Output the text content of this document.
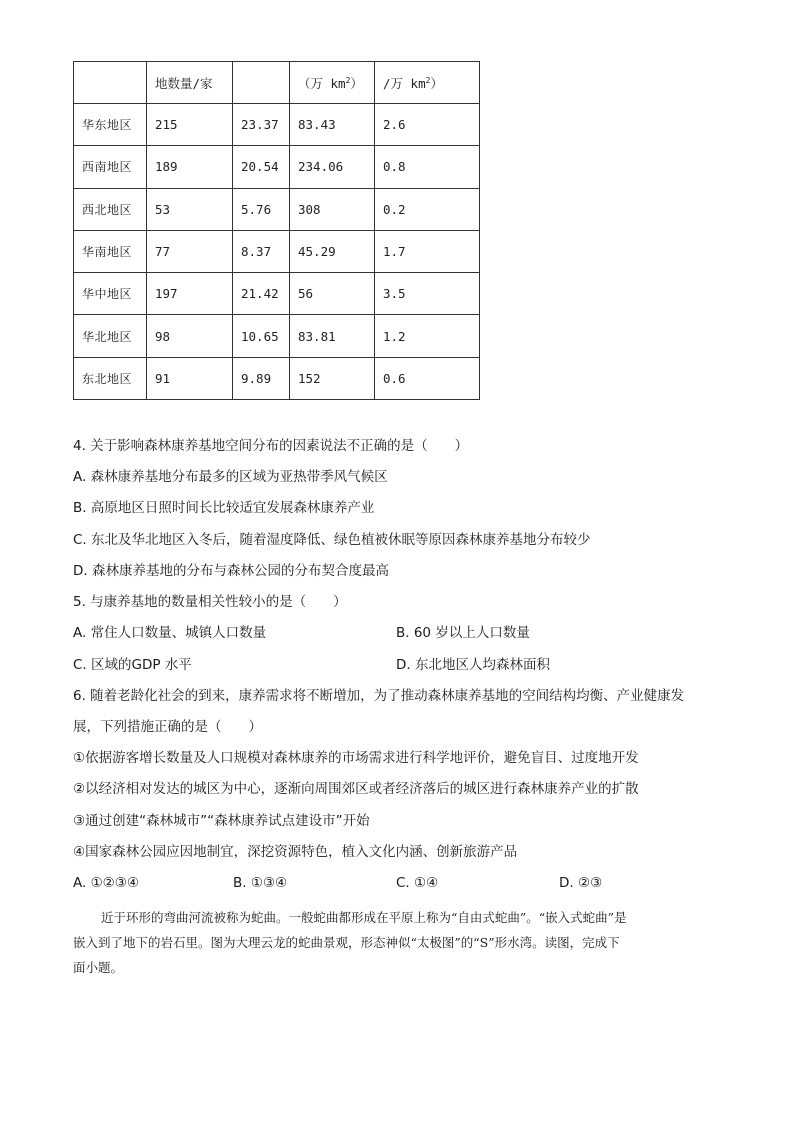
	地数量/家		（万 $km^2$）	/万 $km^2$）
华东地区	215	23.37	83.43	2.6
西南地区	189	20.54	234.06	0.8
西北地区	53	5.76	308	0.2
华南地区	77	8.37	45.29	1.7
华中地区	197	21.42	56	3.5
华北地区	98	10.65	83.81	1.2
东北地区	91	9.89	152	0.6
4. 关于影响森林康养基地空间分布的因素说法不正确的是（　　）
A. 森林康养基地分布最多的区域为亚热带季风气候区
B. 高原地区日照时间长比较适宜发展森林康养产业
C. 东北及华北地区入冬后，随着湿度降低、绿色植被休眠等原因森林康养基地分布较少
D. 森林康养基地的分布与森林公园的分布契合度最高
5. 与康养基地的数量相关性较小的是（　　）
A. 常住人口数量、城镇人口数量	B. 60 岁以上人口数量
C. 区域的GDP 水平	D. 东北地区人均森林面积
6. 随着老龄化社会的到来，康养需求将不断增加，为了推动森林康养基地的空间结构均衡、产业健康发
展，下列措施正确的是（　　）
①依据游客增长数量及人口规模对森林康养的市场需求进行科学地评价，避免盲目、过度地开发
②以经济相对发达的城区为中心，逐渐向周围郊区或者经济落后的城区进行森林康养产业的扩散
③通过创建“森林城市”“森林康养试点建设市”开始
④国家森林公园应因地制宜，深挖资源特色，植入文化内涵、创新旅游产品
A. ①②③④	B. ①③④	C. ①④	D. ②③
近于环形的弯曲河流被称为蛇曲。一般蛇曲都形成在平原上称为“自由式蛇曲”。“嵌入式蛇曲”是
嵌入到了地下的岩石里。图为大理云龙的蛇曲景观，形态神似“太极图”的“S”形水湾。读图，完成下
面小题。
